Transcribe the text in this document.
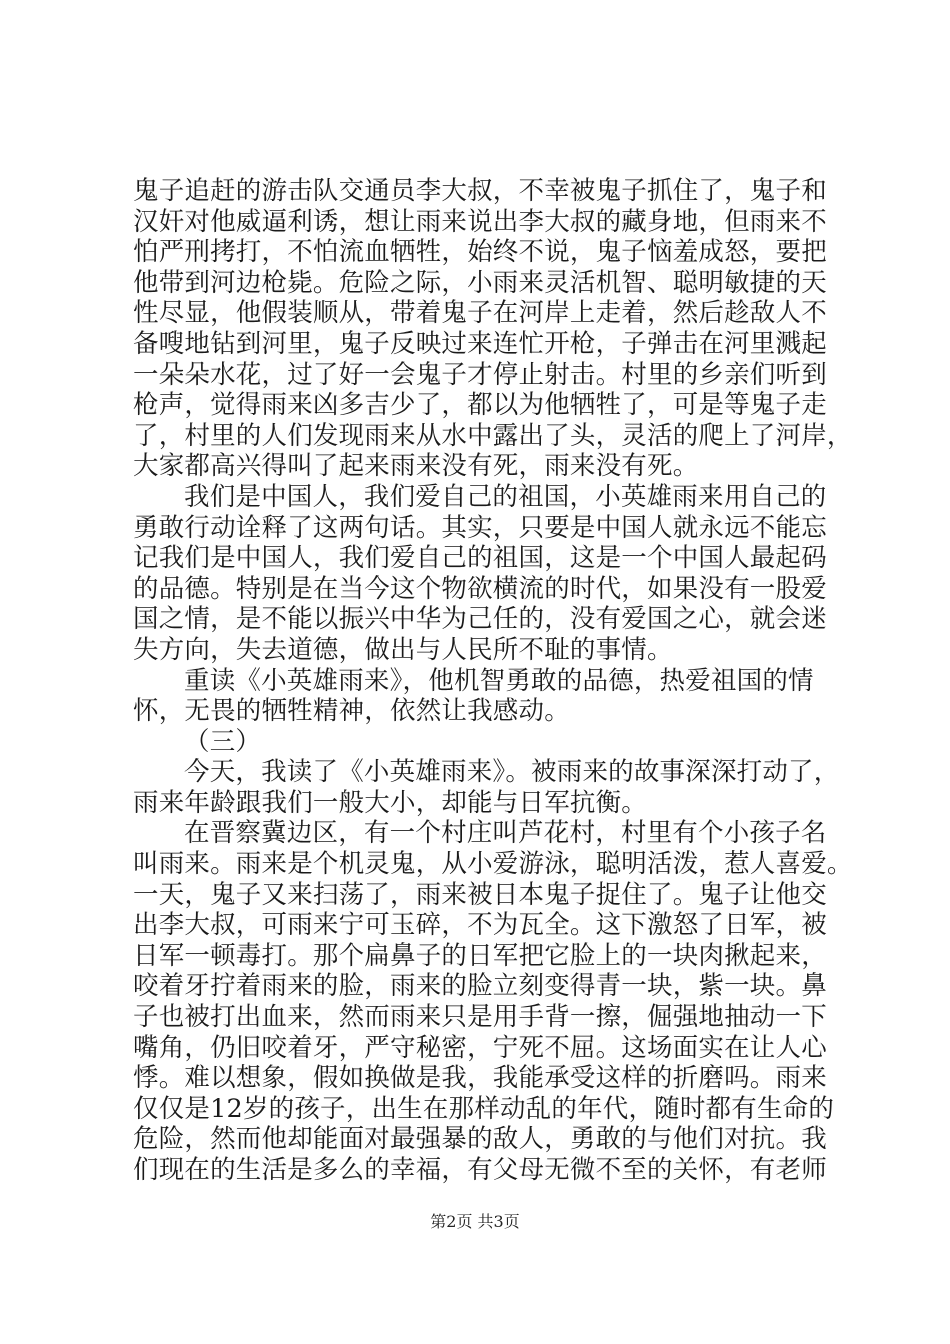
鬼子追赶的游击队交通员李大叔，不幸被鬼子抓住了，鬼子和
汉奸对他威逼利诱，想让雨来说出李大叔的藏身地，但雨来不
怕严刑拷打，不怕流血牺牲，始终不说，鬼子恼羞成怒，要把
他带到河边枪毙。危险之际，小雨来灵活机智、聪明敏捷的天
性尽显，他假装顺从，带着鬼子在河岸上走着，然后趁敌人不
备嗖地钻到河里，鬼子反映过来连忙开枪，子弹击在河里溅起
一朵朵水花，过了好一会鬼子才停止射击。村里的乡亲们听到
枪声，觉得雨来凶多吉少了，都以为他牺牲了，可是等鬼子走
了，村里的人们发现雨来从水中露出了头，灵活的爬上了河岸，
大家都高兴得叫了起来雨来没有死，雨来没有死。
我们是中国人，我们爱自己的祖国，小英雄雨来用自己的
勇敢行动诠释了这两句话。其实，只要是中国人就永远不能忘
记我们是中国人，我们爱自己的祖国，这是一个中国人最起码
的品德。特别是在当今这个物欲横流的时代，如果没有一股爱
国之情，是不能以振兴中华为己任的，没有爱国之心，就会迷
失方向，失去道德，做出与人民所不耻的事情。
重读《小英雄雨来》，他机智勇敢的品德，热爱祖国的情
怀，无畏的牺牲精神，依然让我感动。
（三）
今天，我读了《小英雄雨来》。被雨来的故事深深打动了，
雨来年龄跟我们一般大小，却能与日军抗衡。
在晋察冀边区，有一个村庄叫芦花村，村里有个小孩子名
叫雨来。雨来是个机灵鬼，从小爱游泳，聪明活泼，惹人喜爱。
一天，鬼子又来扫荡了，雨来被日本鬼子捉住了。鬼子让他交
出李大叔，可雨来宁可玉碎，不为瓦全。这下激怒了日军，被
日军一顿毒打。那个扁鼻子的日军把它脸上的一块肉揪起来，
咬着牙拧着雨来的脸，雨来的脸立刻变得青一块，紫一块。鼻
子也被打出血来，然而雨来只是用手背一擦，倔强地抽动一下
嘴角，仍旧咬着牙，严守秘密，宁死不屈。这场面实在让人心
悸。难以想象，假如换做是我，我能承受这样的折磨吗。雨来
仅仅是12岁的孩子，出生在那样动乱的年代，随时都有生命的
危险，然而他却能面对最强暴的敌人，勇敢的与他们对抗。我
们现在的生活是多么的幸福，有父母无微不至的关怀，有老师
第2页 共3页
